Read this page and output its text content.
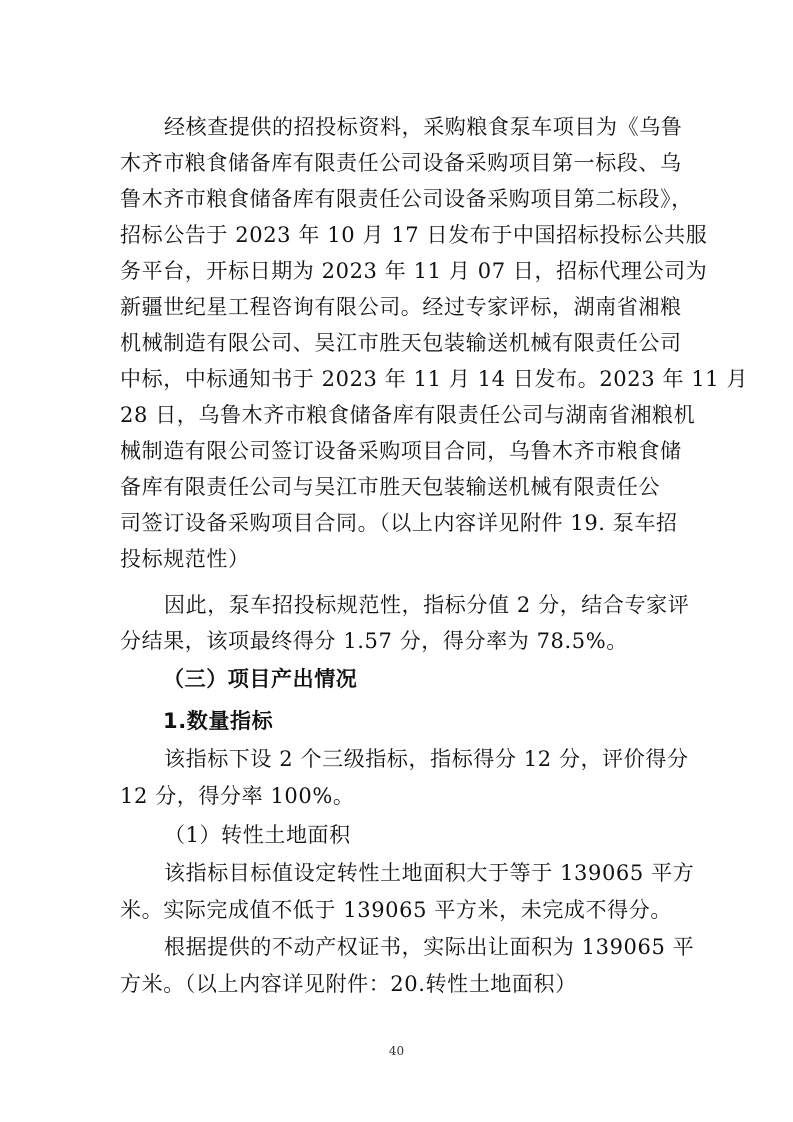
经核查提供的招投标资料，采购粮食泵车项目为《乌鲁
木齐市粮食储备库有限责任公司设备采购项目第一标段、乌
鲁木齐市粮食储备库有限责任公司设备采购项目第二标段》，
招标公告于 2023 年 10 月 17 日发布于中国招标投标公共服
务平台，开标日期为 2023 年 11 月 07 日，招标代理公司为
新疆世纪星工程咨询有限公司。经过专家评标，湖南省湘粮
机械制造有限公司、吴江市胜天包装输送机械有限责任公司
中标，中标通知书于 2023 年 11 月 14 日发布。2023 年 11 月
28 日，乌鲁木齐市粮食储备库有限责任公司与湖南省湘粮机
械制造有限公司签订设备采购项目合同，乌鲁木齐市粮食储
备库有限责任公司与吴江市胜天包装输送机械有限责任公
司签订设备采购项目合同。（以上内容详见附件 19. 泵车招
投标规范性）
因此，泵车招投标规范性，指标分值 2 分，结合专家评
分结果，该项最终得分 1.57 分，得分率为 78.5%。
（三）项目产出情况
1.数量指标
该指标下设 2 个三级指标，指标得分 12 分，评价得分
12 分，得分率 100%。
（1）转性土地面积
该指标目标值设定转性土地面积大于等于 139065 平方
米。实际完成值不低于 139065 平方米，未完成不得分。
根据提供的不动产权证书，实际出让面积为 139065 平
方米。（以上内容详见附件：20.转性土地面积）
40
